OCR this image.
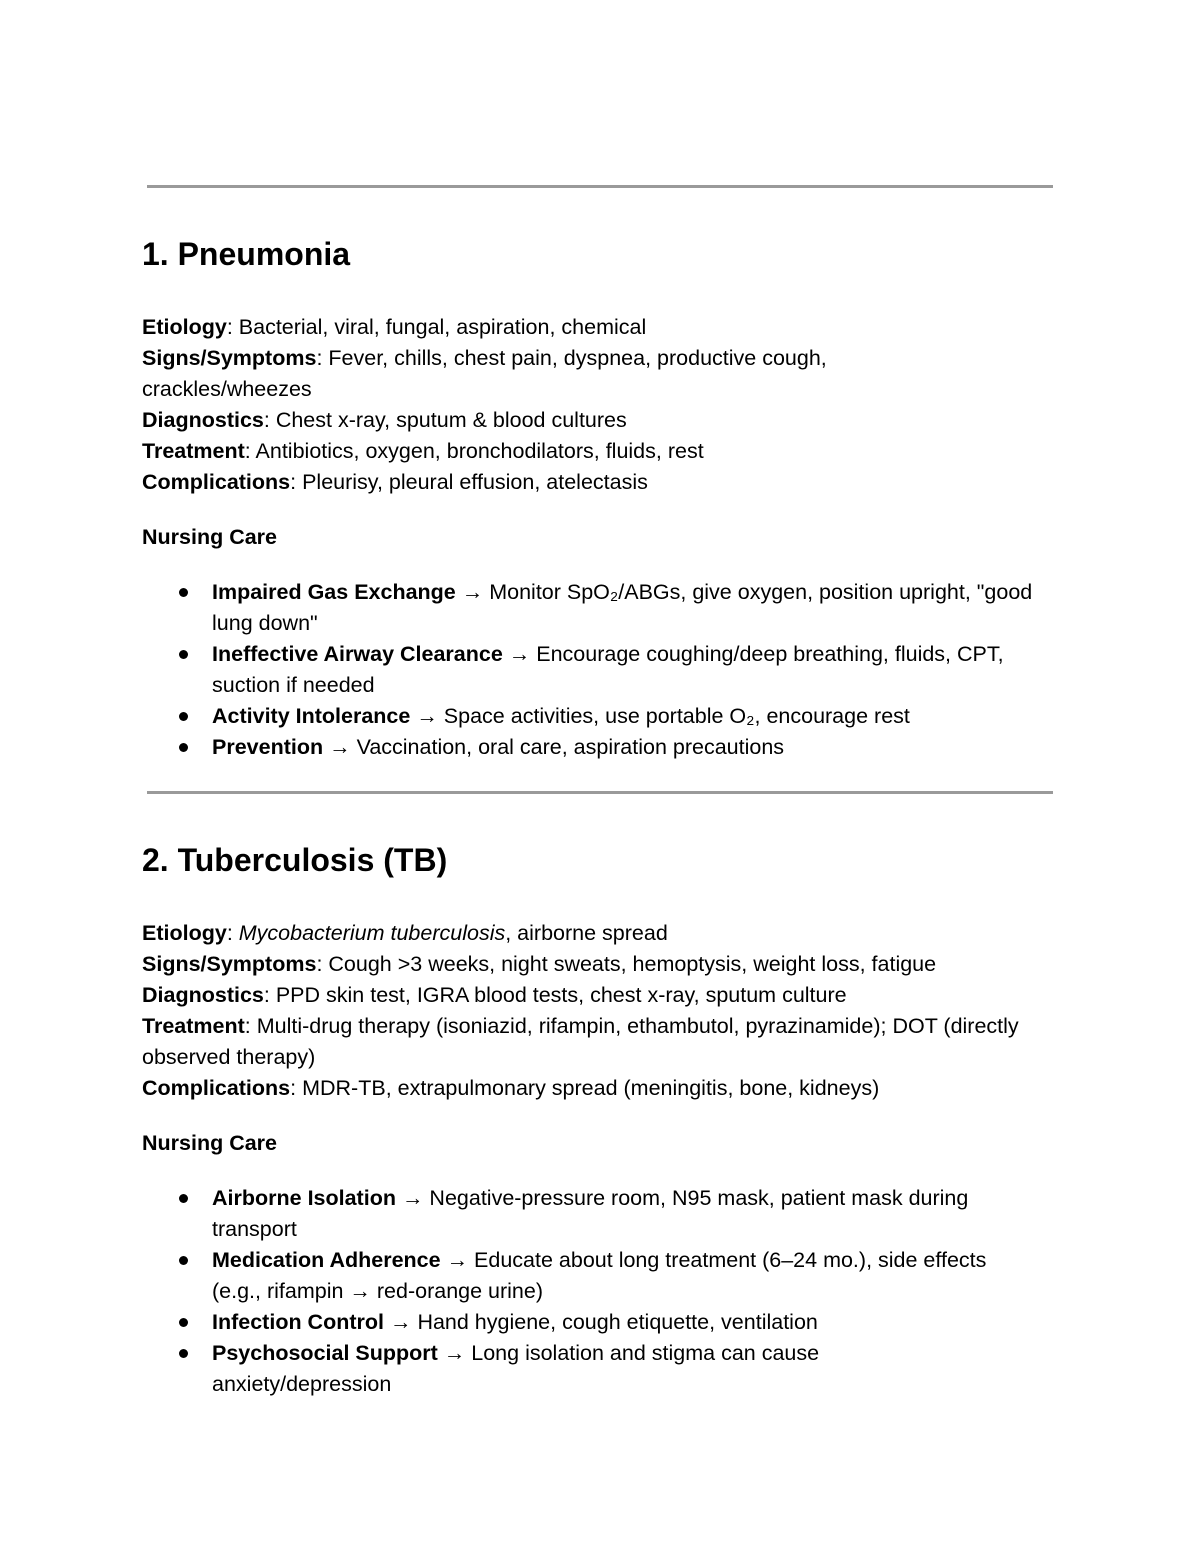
1. Pneumonia

Etiology: Bacterial, viral, fungal, aspiration, chemical

Signs/Symptoms: Fever, chills, chest pain, dyspnea, productive cough, crackles/wheezes

Diagnostics: Chest x-ray, sputum & blood cultures

Treatment: Antibiotics, oxygen, bronchodilators, fluids, rest

Complications: Pleurisy, pleural effusion, atelectasis

Nursing Care

Impaired Gas Exchange → Monitor SpO₂/ABGs, give oxygen, position upright, "good lung down"
Ineffective Airway Clearance → Encourage coughing/deep breathing, fluids, CPT, suction if needed
Activity Intolerance → Space activities, use portable O₂, encourage rest
Prevention → Vaccination, oral care, aspiration precautions
2. Tuberculosis (TB)

Etiology: Mycobacterium tuberculosis, airborne spread

Signs/Symptoms: Cough >3 weeks, night sweats, hemoptysis, weight loss, fatigue

Diagnostics: PPD skin test, IGRA blood tests, chest x-ray, sputum culture

Treatment: Multi-drug therapy (isoniazid, rifampin, ethambutol, pyrazinamide); DOT (directly observed therapy)

Complications: MDR-TB, extrapulmonary spread (meningitis, bone, kidneys)

Nursing Care

Airborne Isolation → Negative-pressure room, N95 mask, patient mask during transport
Medication Adherence → Educate about long treatment (6–24 mo.), side effects (e.g., rifampin → red-orange urine)
Infection Control → Hand hygiene, cough etiquette, ventilation
Psychosocial Support → Long isolation and stigma can cause anxiety/depression
